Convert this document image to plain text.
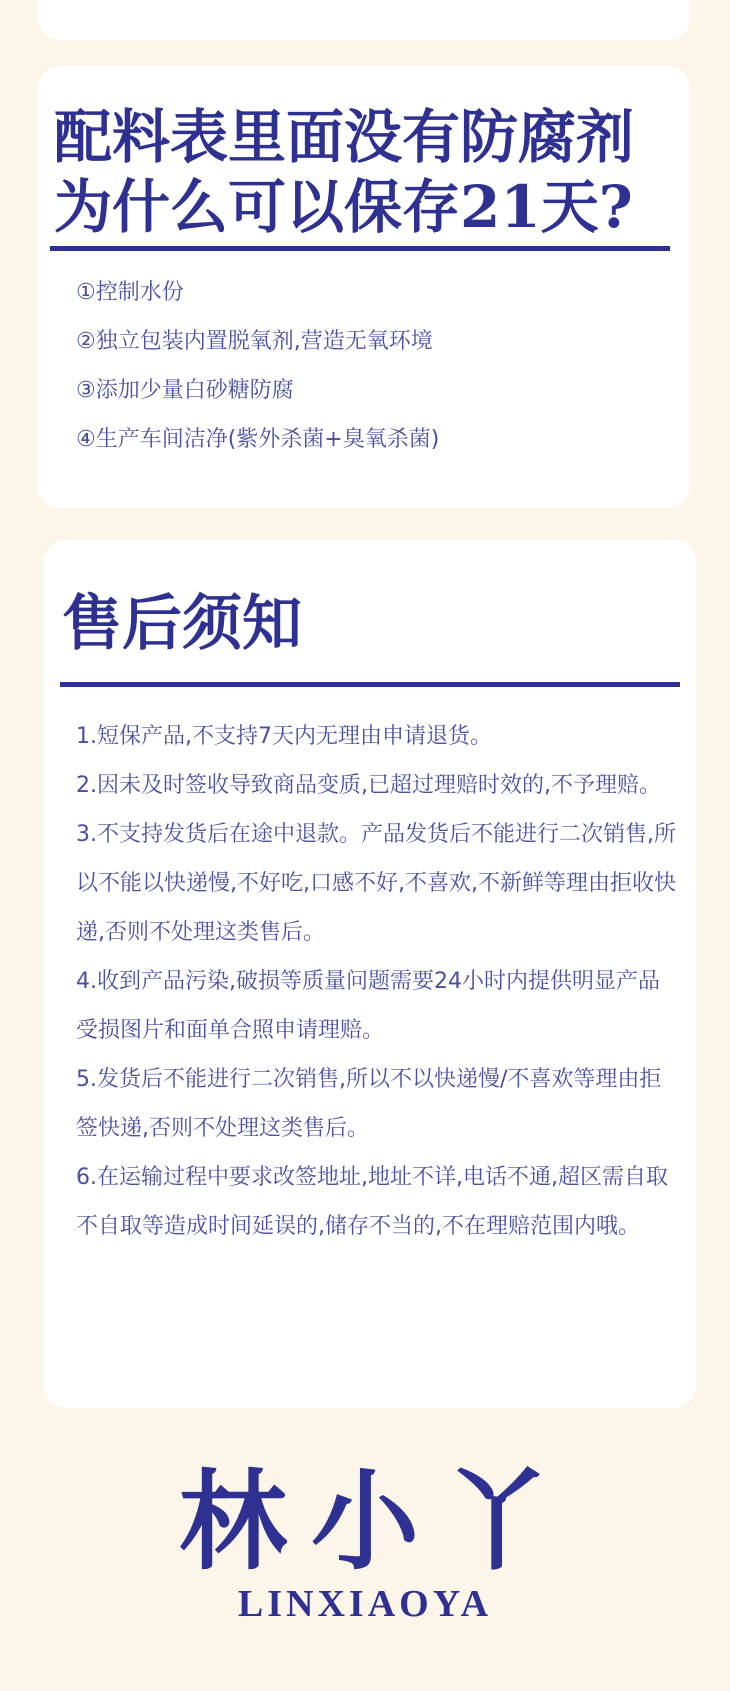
配料表里面没有防腐剂
为什么可以保存21天?
①控制水份
②独立包装内置脱氧剂,营造无氧环境
③添加少量白砂糖防腐
④生产车间洁净(紫外杀菌+臭氧杀菌)
售后须知
1.短保产品,不支持7天内无理由申请退货。
2.因未及时签收导致商品变质,已超过理赔时效的,不予理赔。
3.不支持发货后在途中退款。产品发货后不能进行二次销售,所以不能以快递慢,不好吃,口感不好,不喜欢,不新鲜等理由拒收快递,否则不处理这类售后。
4.收到产品污染,破损等质量问题需要24小时内提供明显产品受损图片和面单合照申请理赔。
5.发货后不能进行二次销售,所以不以快递慢/不喜欢等理由拒签快递,否则不处理这类售后。
6.在运输过程中要求改签地址,地址不详,电话不通,超区需自取不自取等造成时间延误的,储存不当的,不在理赔范围内哦。
林小丫
LINXIAOYA
